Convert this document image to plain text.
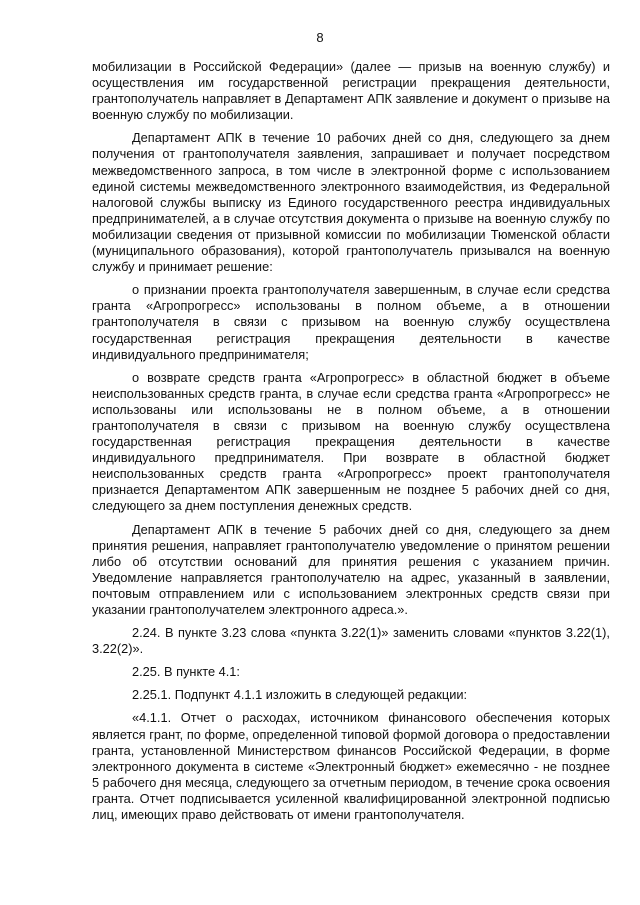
8

мобилизации в Российской Федерации» (далее — призыв на военную службу) и осуществления им государственной регистрации прекращения деятельности, грантополучатель направляет в Департамент АПК заявление и документ о призыве на военную службу по мобилизации.

Департамент АПК в течение 10 рабочих дней со дня, следующего за днем получения от грантополучателя заявления, запрашивает и получает посредством межведомственного запроса, в том числе в электронной форме с использованием единой системы межведомственного электронного взаимодействия, из Федеральной налоговой службы выписку из Единого государственного реестра индивидуальных предпринимателей, а в случае отсутствия документа о призыве на военную службу по мобилизации сведения от призывной комиссии по мобилизации Тюменской области (муниципального образования), которой грантополучатель призывался на военную службу и принимает решение:

о признании проекта грантополучателя завершенным, в случае если средства гранта «Агропрогресс» использованы в полном объеме, а в отношении грантополучателя в связи с призывом на военную службу осуществлена государственная регистрация прекращения деятельности в качестве индивидуального предпринимателя;

о возврате средств гранта «Агропрогресс» в областной бюджет в объеме неиспользованных средств гранта, в случае если средства гранта «Агропрогресс» не использованы или использованы не в полном объеме, а в отношении грантополучателя в связи с призывом на военную службу осуществлена государственная регистрация прекращения деятельности в качестве индивидуального предпринимателя. При возврате в областной бюджет неиспользованных средств гранта «Агропрогресс» проект грантополучателя признается Департаментом АПК завершенным не позднее 5 рабочих дней со дня, следующего за днем поступления денежных средств.

Департамент АПК в течение 5 рабочих дней со дня, следующего за днем принятия решения, направляет грантополучателю уведомление о принятом решении либо об отсутствии оснований для принятия решения с указанием причин. Уведомление направляется грантополучателю на адрес, указанный в заявлении, почтовым отправлением или с использованием электронных средств связи при указании грантополучателем электронного адреса.».

2.24. В пункте 3.23 слова «пункта 3.22(1)» заменить словами «пунктов 3.22(1), 3.22(2)».

2.25. В пункте 4.1:

2.25.1. Подпункт 4.1.1 изложить в следующей редакции:

«4.1.1. Отчет о расходах, источником финансового обеспечения которых является грант, по форме, определенной типовой формой договора о предоставлении гранта, установленной Министерством финансов Российской Федерации, в форме электронного документа в системе «Электронный бюджет» ежемесячно - не позднее 5 рабочего дня месяца, следующего за отчетным периодом, в течение срока освоения гранта. Отчет подписывается усиленной квалифицированной электронной подписью лиц, имеющих право действовать от имени грантополучателя.
